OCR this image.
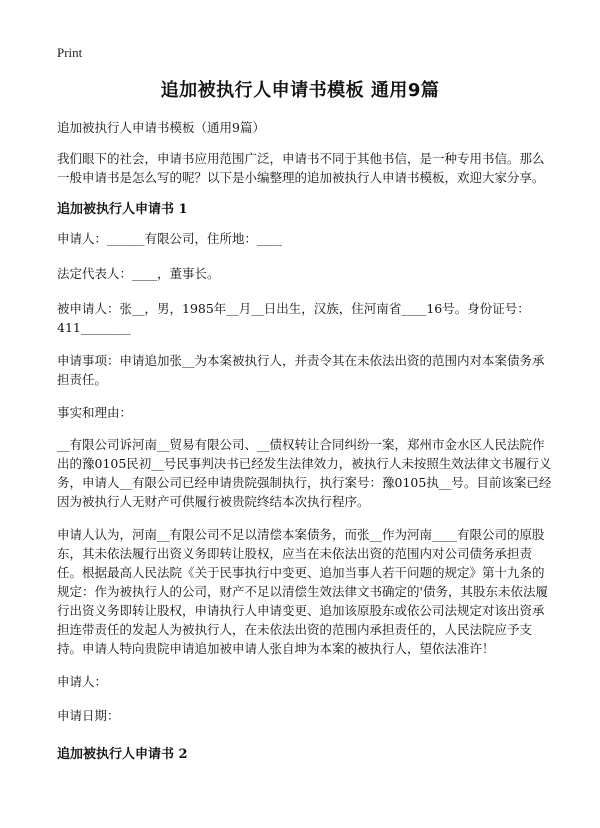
Print
追加被执行人申请书模板 通用9篇

追加被执行人申请书模板（通用9篇）

我们眼下的社会，申请书应用范围广泛，申请书不同于其他书信，是一种专用书信。那么一般申请书是怎么写的呢？以下是小编整理的追加被执行人申请书模板，欢迎大家分享。

追加被执行人申请书 1

申请人：______有限公司，住所地：____

法定代表人：____，董事长。

被申请人：张__，男，1985年__月__日出生，汉族，住河南省____16号。身份证号：411________

申请事项：申请追加张__为本案被执行人，并责令其在未依法出资的范围内对本案债务承担责任。

事实和理由：

__有限公司诉河南__贸易有限公司、__债权转让合同纠纷一案，郑州市金水区人民法院作出的豫0105民初__号民事判决书已经发生法律效力，被执行人未按照生效法律文书履行义务，申请人__有限公司已经申请贵院强制执行，执行案号：豫0105执__号。目前该案已经因为被执行人无财产可供履行被贵院终结本次执行程序。

申请人认为，河南__有限公司不足以清偿本案债务，而张__作为河南____有限公司的原股东，其未依法履行出资义务即转让股权，应当在未依法出资的范围内对公司债务承担责任。根据最高人民法院《关于民事执行中变更、追加当事人若干问题的规定》第十九条的规定：作为被执行人的公司，财产不足以清偿生效法律文书确定的'债务，其股东未依法履行出资义务即转让股权，申请执行人申请变更、追加该原股东或依公司法规定对该出资承担连带责任的发起人为被执行人，在未依法出资的范围内承担责任的，人民法院应予支持。申请人特向贵院申请追加被申请人张自坤为本案的被执行人，望依法准许！

申请人：

申请日期：

追加被执行人申请书 2
